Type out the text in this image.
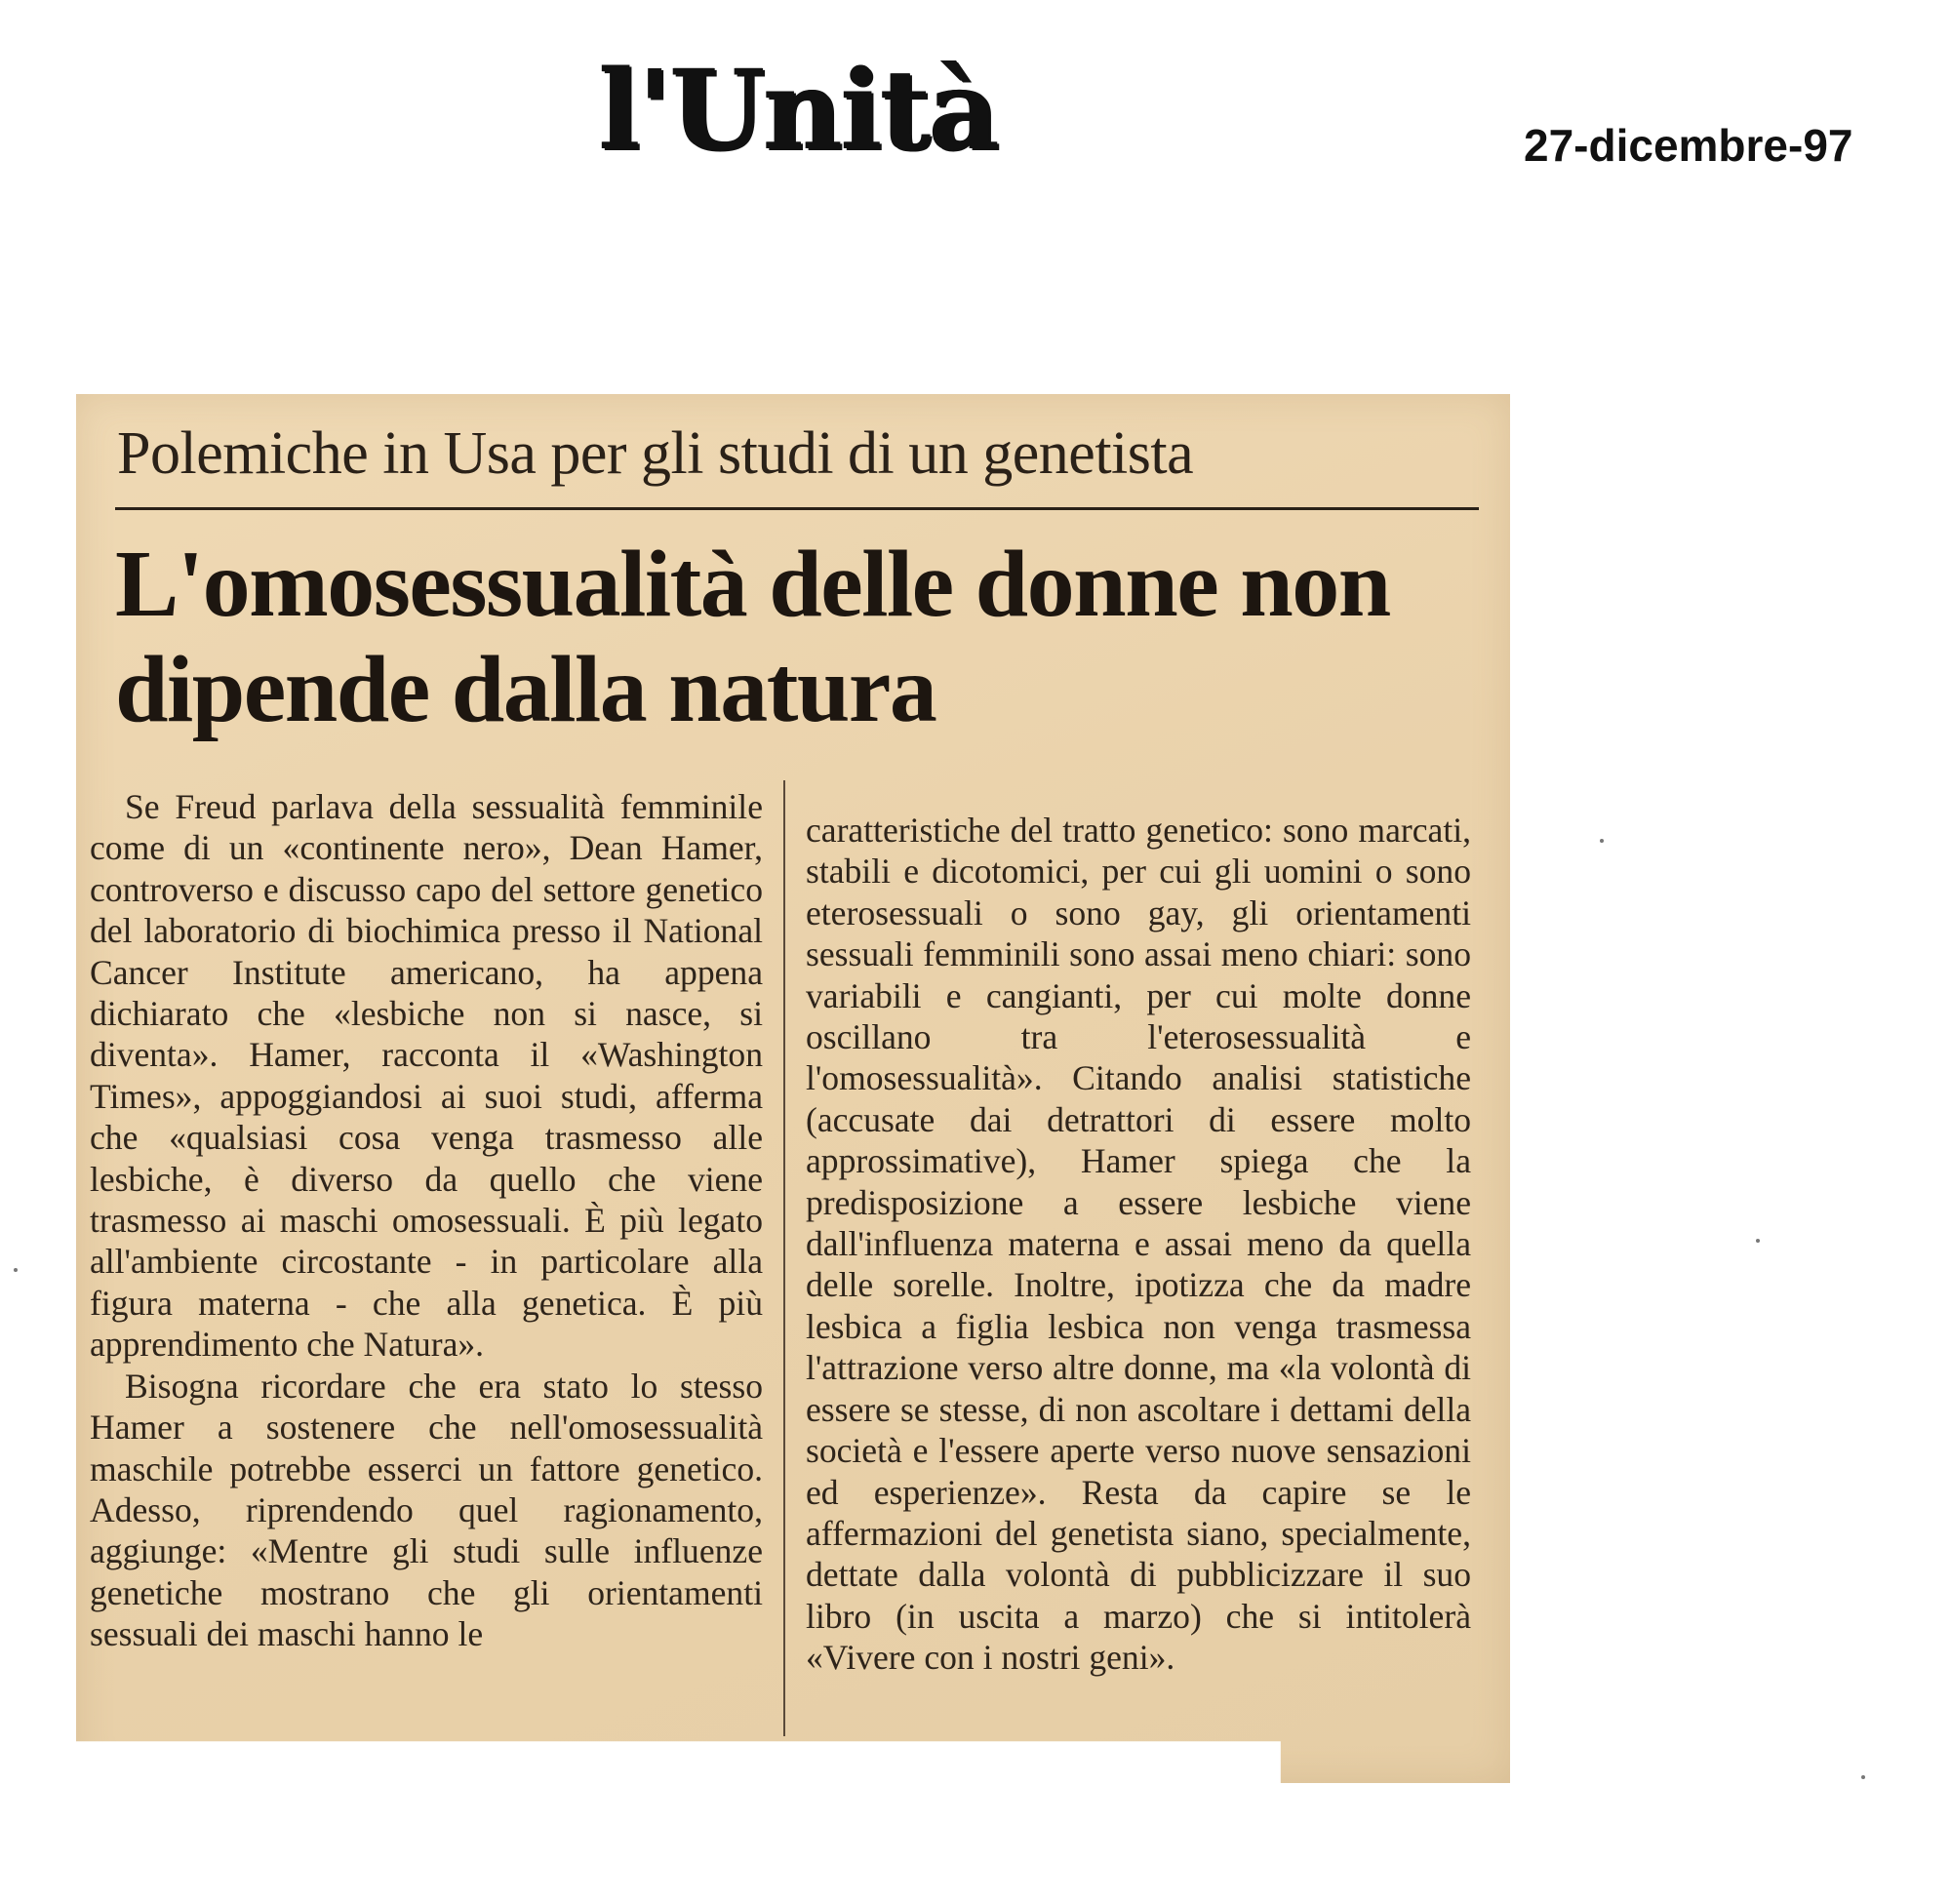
l'Unità	27-dicembre-97
Polemiche in Usa per gli studi di un genetista
L'omosessualità delle donne non dipende dalla natura

Se Freud parlava della sessualità femminile come di un «continente nero», Dean Hamer, controverso e discusso capo del settore genetico del laboratorio di biochimica presso il National Cancer Institute americano, ha appena dichiarato che «lesbiche non si nasce, si diventa». Hamer, racconta il «Washington Times», appoggiandosi ai suoi studi, afferma che «qualsiasi cosa venga trasmesso alle lesbiche, è diverso da quello che viene trasmesso ai maschi omosessuali. È più legato all'ambiente circostante - in particolare alla figura materna - che alla genetica. È più apprendimento che Natura».

Bisogna ricordare che era stato lo stesso Hamer a sostenere che nell'omosessualità maschile potrebbe esserci un fattore genetico. Adesso, riprendendo quel ragionamento, aggiunge: «Mentre gli studi sulle influenze genetiche mostrano che gli orientamenti sessuali dei maschi hanno le

caratteristiche del tratto genetico: sono marcati, stabili e dicotomici, per cui gli uomini o sono eterosessuali o sono gay, gli orientamenti sessuali femminili sono assai meno chiari: sono variabili e cangianti, per cui molte donne oscillano tra l'eterosessualità e l'omosessualità». Citando analisi statistiche (accusate dai detrattori di essere molto approssimative), Hamer spiega che la predisposizione a essere lesbiche viene dall'influenza materna e assai meno da quella delle sorelle. Inoltre, ipotizza che da madre lesbica a figlia lesbica non venga trasmessa l'attrazione verso altre donne, ma «la volontà di essere se stesse, di non ascoltare i dettami della società e l'essere aperte verso nuove sensazioni ed esperienze». Resta da capire se le affermazioni del genetista siano, specialmente, dettate dalla volontà di pubblicizzare il suo libro (in uscita a marzo) che si intitolerà «Vivere con i nostri geni».
